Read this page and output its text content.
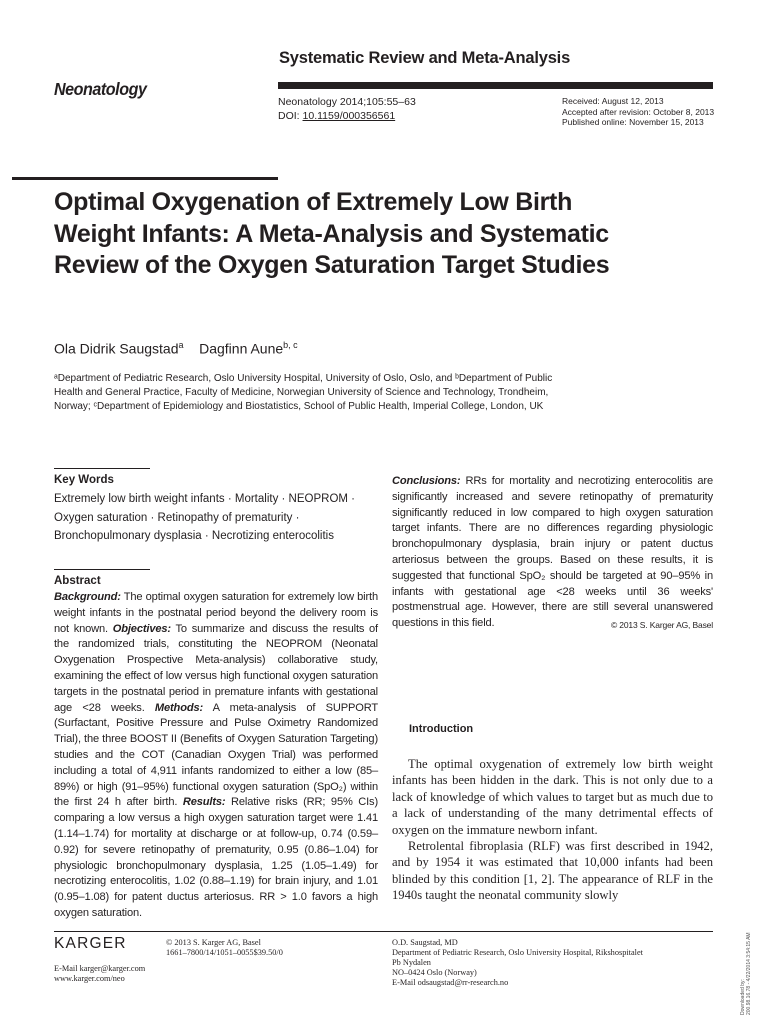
Systematic Review and Meta-Analysis
Neonatology
Neonatology 2014;105:55–63
DOI: 10.1159/000356561
Received: August 12, 2013
Accepted after revision: October 8, 2013
Published online: November 15, 2013
Optimal Oxygenation of Extremely Low Birth Weight Infants: A Meta-Analysis and Systematic Review of the Oxygen Saturation Target Studies
Ola Didrik Saugstad$^a$ Dagfinn Aune$^{b, c}$
ᵃDepartment of Pediatric Research, Oslo University Hospital, University of Oslo, Oslo, and ᵇDepartment of Public Health and General Practice, Faculty of Medicine, Norwegian University of Science and Technology, Trondheim, Norway; ᶜDepartment of Epidemiology and Biostatistics, School of Public Health, Imperial College, London, UK
Key Words
Extremely low birth weight infants · Mortality · NEOPROM ·
Oxygen saturation · Retinopathy of prematurity ·
Bronchopulmonary dysplasia · Necrotizing enterocolitis
Abstract
Background: The optimal oxygen saturation for extremely low birth weight infants in the postnatal period beyond the delivery room is not known. Objectives: To summarize and discuss the results of the randomized trials, constituting the NEOPROM (Neonatal Oxygenation Prospective Meta-analysis) collaborative study, examining the effect of low versus high functional oxygen saturation targets in the postnatal period in premature infants with gestational age <28 weeks. Methods: A meta-analysis of SUPPORT (Surfactant, Positive Pressure and Pulse Oximetry Randomized Trial), the three BOOST II (Benefits of Oxygen Saturation Targeting) studies and the COT (Canadian Oxygen Trial) was performed including a total of 4,911 infants randomized to either a low (85–89%) or high (91–95%) functional oxygen saturation (SpO₂) within the first 24 h after birth. Results: Relative risks (RR; 95% CIs) comparing a low versus a high oxygen saturation target were 1.41 (1.14–1.74) for mortality at discharge or at follow-up, 0.74 (0.59–0.92) for severe retinopathy of prematurity, 0.95 (0.86–1.04) for physiologic bronchopulmonary dysplasia, 1.25 (1.05–1.49) for necrotizing enterocolitis, 1.02 (0.88–1.19) for brain injury, and 1.01 (0.95–1.08) for patent ductus arteriosus. RR > 1.0 favors a high oxygen saturation.
Conclusions: RRs for mortality and necrotizing enterocolitis are significantly increased and severe retinopathy of prematurity significantly reduced in low compared to high oxygen saturation target infants. There are no differences regarding physiologic bronchopulmonary dysplasia, brain injury or patent ductus arteriosus between the groups. Based on these results, it is suggested that functional SpO₂ should be targeted at 90–95% in infants with gestational age <28 weeks until 36 weeks' postmenstrual age. However, there are still several unanswered questions in this field.	© 2013 S. Karger AG, Basel
Introduction

The optimal oxygenation of extremely low birth weight infants has been hidden in the dark. This is not only due to a lack of knowledge of which values to target but as much due to a lack of understanding of the many detrimental effects of oxygen on the immature newborn infant.

Retrolental fibroplasia (RLF) was first described in 1942, and by 1954 it was estimated that 10,000 infants had been blinded by this condition [1, 2]. The appearance of RLF in the 1940s taught the neonatal community slowly

KARGER	© 2013 S. Karger AG, Basel
1661–7800/14/1051–0055$39.50/0
E-Mail karger@karger.com
www.karger.com/neo
O.D. Saugstad, MD
Department of Pediatric Research, Oslo University Hospital, Rikshospitalet
Pb Nydalen
NO–0424 Oslo (Norway)
E-Mail odsaugstad@rr-research.no	Downloaded by: 200.98.16.78 - 4/22/2014 3:54:15 AM
